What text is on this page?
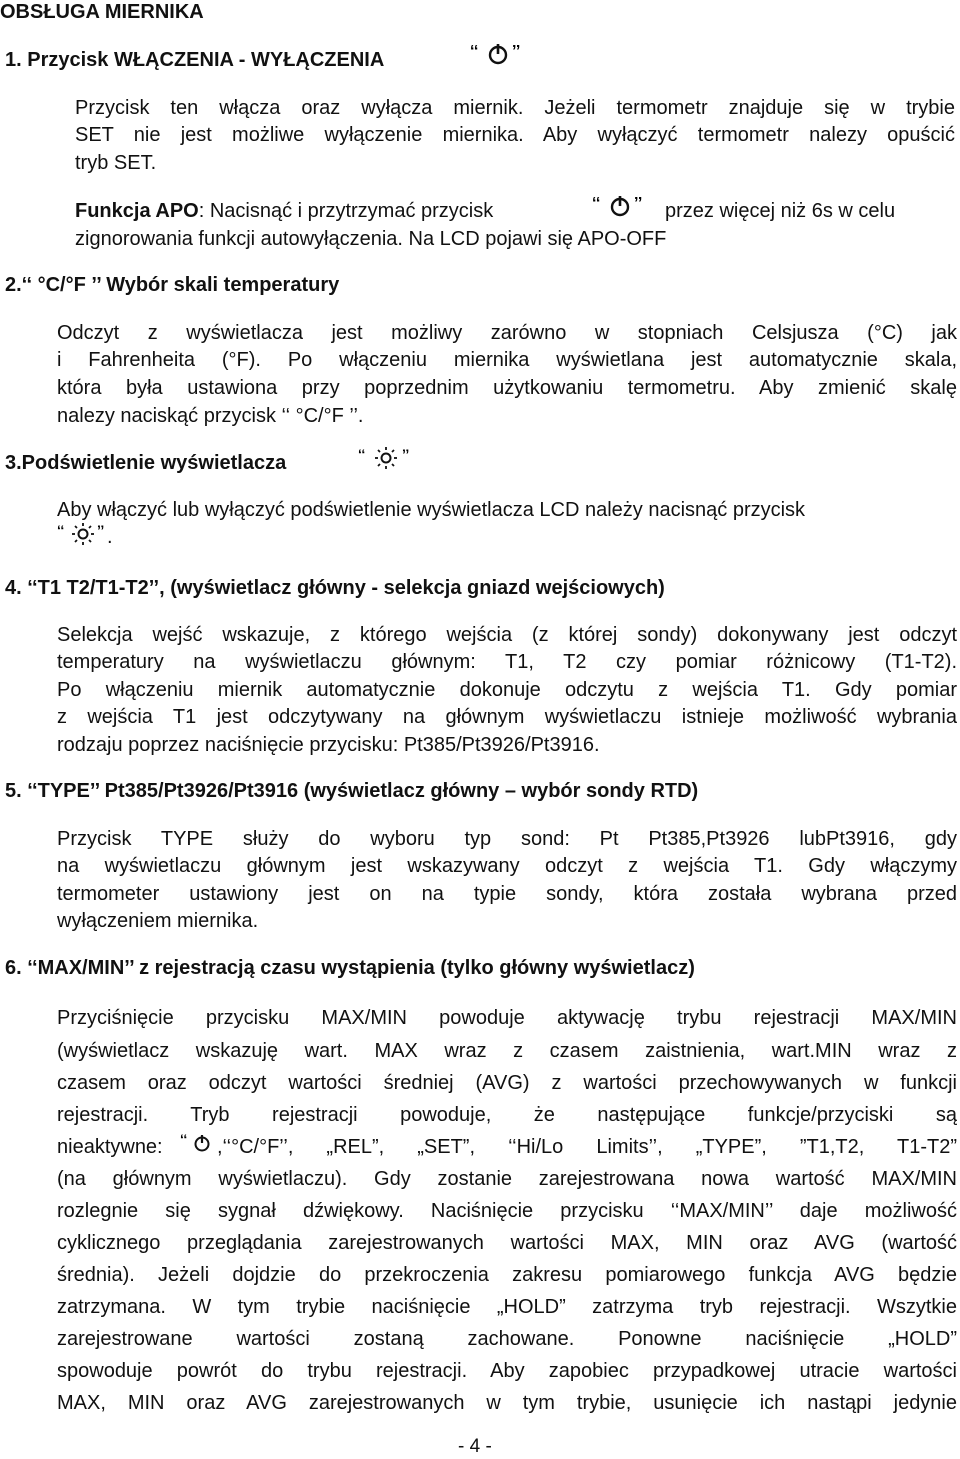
OBSŁUGA MIERNIKA
1. Przycisk WŁĄCZENIA - WYŁĄCZENIA	‘‘ ’’
Przycisk ten włącza oraz wyłącza miernik. Jeżeli termometr znajduje się w trybie
SET nie jest możliwe wyłączenie miernika. Aby wyłączyć termometr nalezy opuścić
tryb SET.
Funkcja APO: Nacisnąć i przytrzymać przycisk	‘‘ ’’ przez więcej niż 6s w celu
zignorowania funkcji autowyłączenia. Na LCD pojawi się APO-OFF
2.‘‘ °C/°F ’’ Wybór skali temperatury
Odczyt z wyświetlacza jest możliwy zarówno w stopniach Celsjusza (°C) jak
i Fahrenheita (°F). Po włączeniu miernika wyświetlana jest automatycznie skala,
która była ustawiona przy poprzednim użytkowaniu termometru. Aby zmienić skalę
nalezy naciskąć przycisk ‘‘ °C/°F ’’.
3.Podświetlenie wyświetlacza	‘‘	’’
Aby włączyć lub wyłączyć podświetlenie wyświetlacza LCD należy nacisnąć przycisk
‘‘ ’’ .
4. ‘‘T1 T2/T1-T2’’, (wyświetlacz główny - selekcja gniazd wejściowych)
Selekcja wejść wskazuje, z którego wejścia (z której sondy) dokonywany jest odczyt
temperatury na wyświetlaczu głównym: T1, T2 czy pomiar różnicowy (T1-T2).
Po włączeniu miernik automatycznie dokonuje odczytu z wejścia T1. Gdy pomiar
z wejścia T1 jest odczytywany na głównym wyświetlaczu istnieje możliwość wybrania
rodzaju poprzez naciśnięcie przycisku: Pt385/Pt3926/Pt3916.
5. ‘‘TYPE’’ Pt385/Pt3926/Pt3916 (wyświetlacz główny – wybór sondy RTD)
Przycisk TYPE służy do wyboru typ sond: Pt Pt385,Pt3926 lubPt3916, gdy
na wyświetlaczu głównym jest wskazywany odczyt z wejścia T1. Gdy włączymy
termometer ustawiony jest on na typie sondy, która została wybrana przed
wyłączeniem miernika.
6. ‘‘MAX/MIN’’ z rejestracją czasu wystąpienia (tylko główny wyświetlacz)
Przyciśnięcie przycisku MAX/MIN powoduje aktywację trybu rejestracji MAX/MIN
(wyświetlacz wskazuję wart. MAX wraz z czasem zaistnienia, wart.MIN wraz z
czasem oraz odczyt wartości średniej (AVG) z wartości przechowywanych w funkcji
rejestracji. Tryb rejestracji powoduje, że następujące funkcje/przyciski są
nieaktywne: ‘‘ ,‘‘°C/°F’’, „REL”, „SET”, ‘‘Hi/Lo Limits’’, „TYPE”, ”T1,T2, T1-T2”
(na głównym wyświetlaczu). Gdy zostanie zarejestrowana nowa wartość MAX/MIN
rozlegnie się sygnał dźwiękowy. Naciśnięcie przycisku ‘‘MAX/MIN’’ daje możliwość
cyklicznego przeglądania zarejestrowanych wartości MAX, MIN oraz AVG (wartość
średnia). Jeżeli dojdzie do przekroczenia zakresu pomiarowego funkcja AVG będzie
zatrzymana. W tym trybie naciśnięcie „HOLD” zatrzyma tryb rejestracji. Wszytkie
zarejestrowane wartości zostaną zachowane. Ponowne naciśnięcie „HOLD”
spowoduje powrót do trybu rejestracji. Aby zapobiec przypadkowej utracie wartości
MAX, MIN oraz AVG zarejestrowanych w tym trybie, usunięcie ich nastąpi jedynie
- 4 -
